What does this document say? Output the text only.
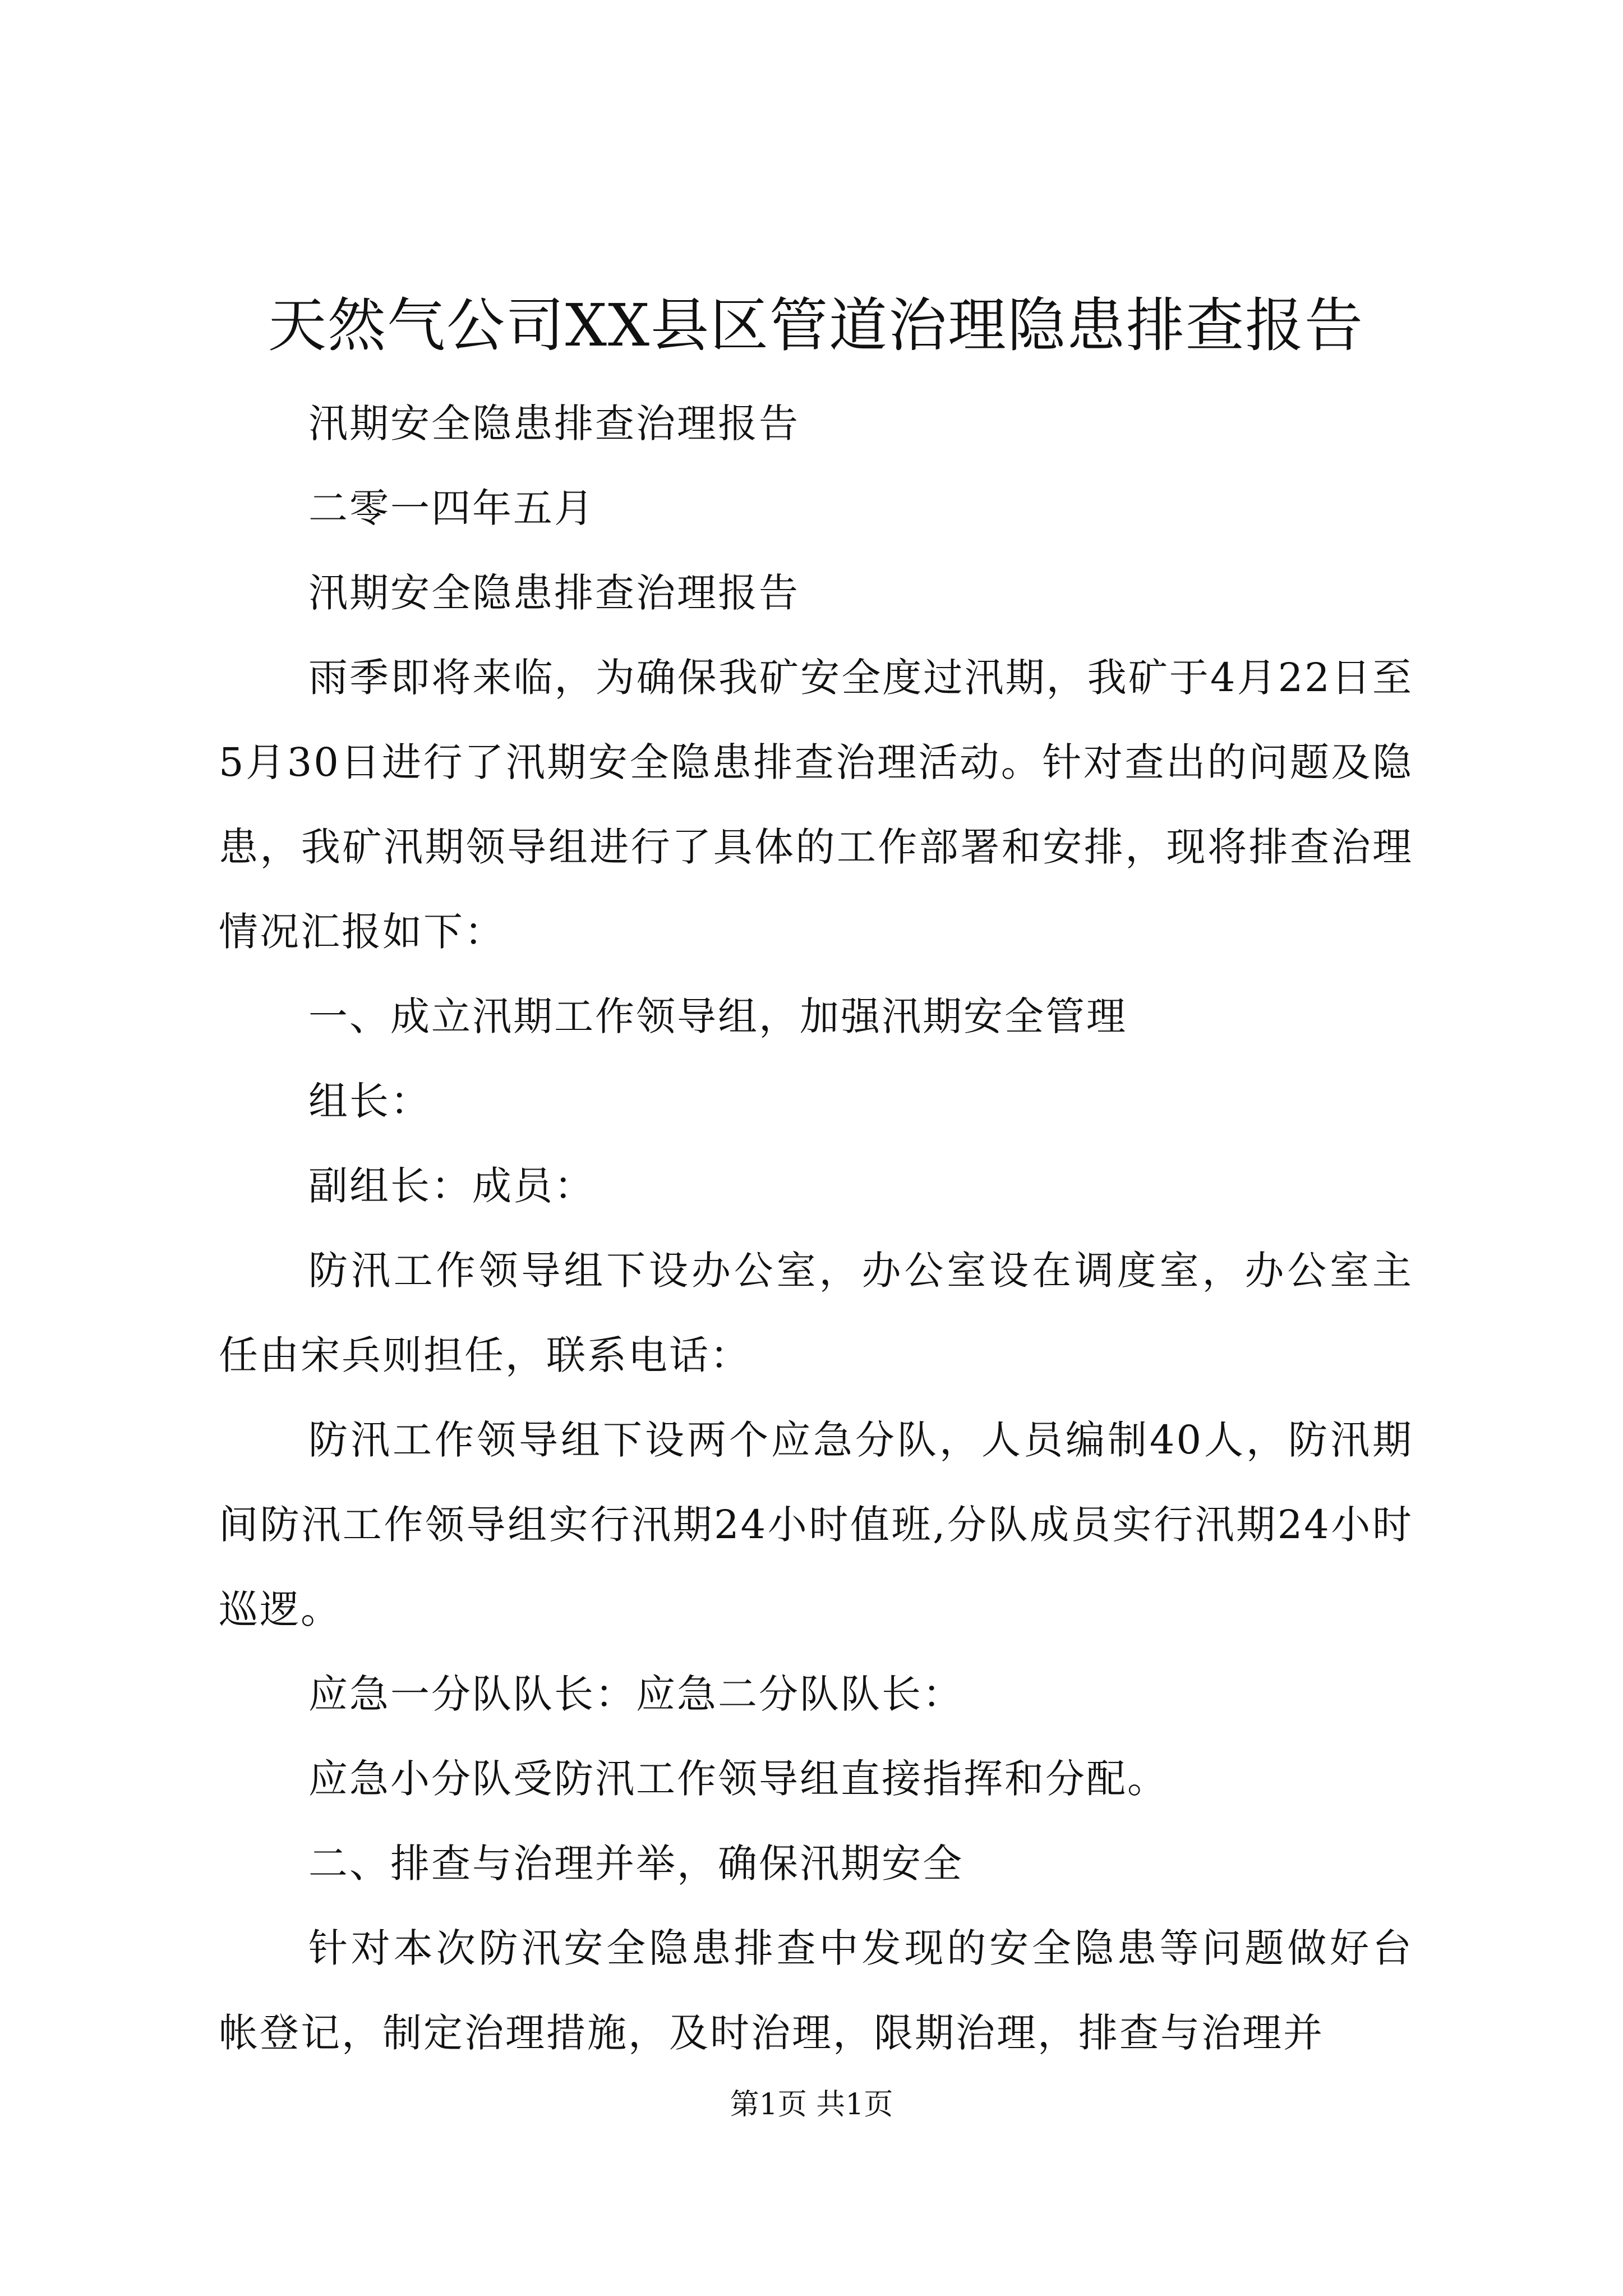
天然气公司XX县区管道治理隐患排查报告

汛期安全隐患排查治理报告

二零一四年五月

汛期安全隐患排查治理报告

雨季即将来临，为确保我矿安全度过汛期，我矿于4月22日至5月30日进行了汛期安全隐患排查治理活动。针对查出的问题及隐患，我矿汛期领导组进行了具体的工作部署和安排，现将排查治理情况汇报如下：

一、成立汛期工作领导组，加强汛期安全管理

组长：

副组长：成员：

防汛工作领导组下设办公室，办公室设在调度室，办公室主任由宋兵则担任，联系电话：

防汛工作领导组下设两个应急分队，人员编制40人，防汛期间防汛工作领导组实行汛期24小时值班,分队成员实行汛期24小时巡逻。

应急一分队队长：应急二分队队长：

应急小分队受防汛工作领导组直接指挥和分配。

二、排查与治理并举，确保汛期安全

针对本次防汛安全隐患排查中发现的安全隐患等问题做好台帐登记，制定治理措施，及时治理，限期治理，排查与治理并

第1页 共1页
